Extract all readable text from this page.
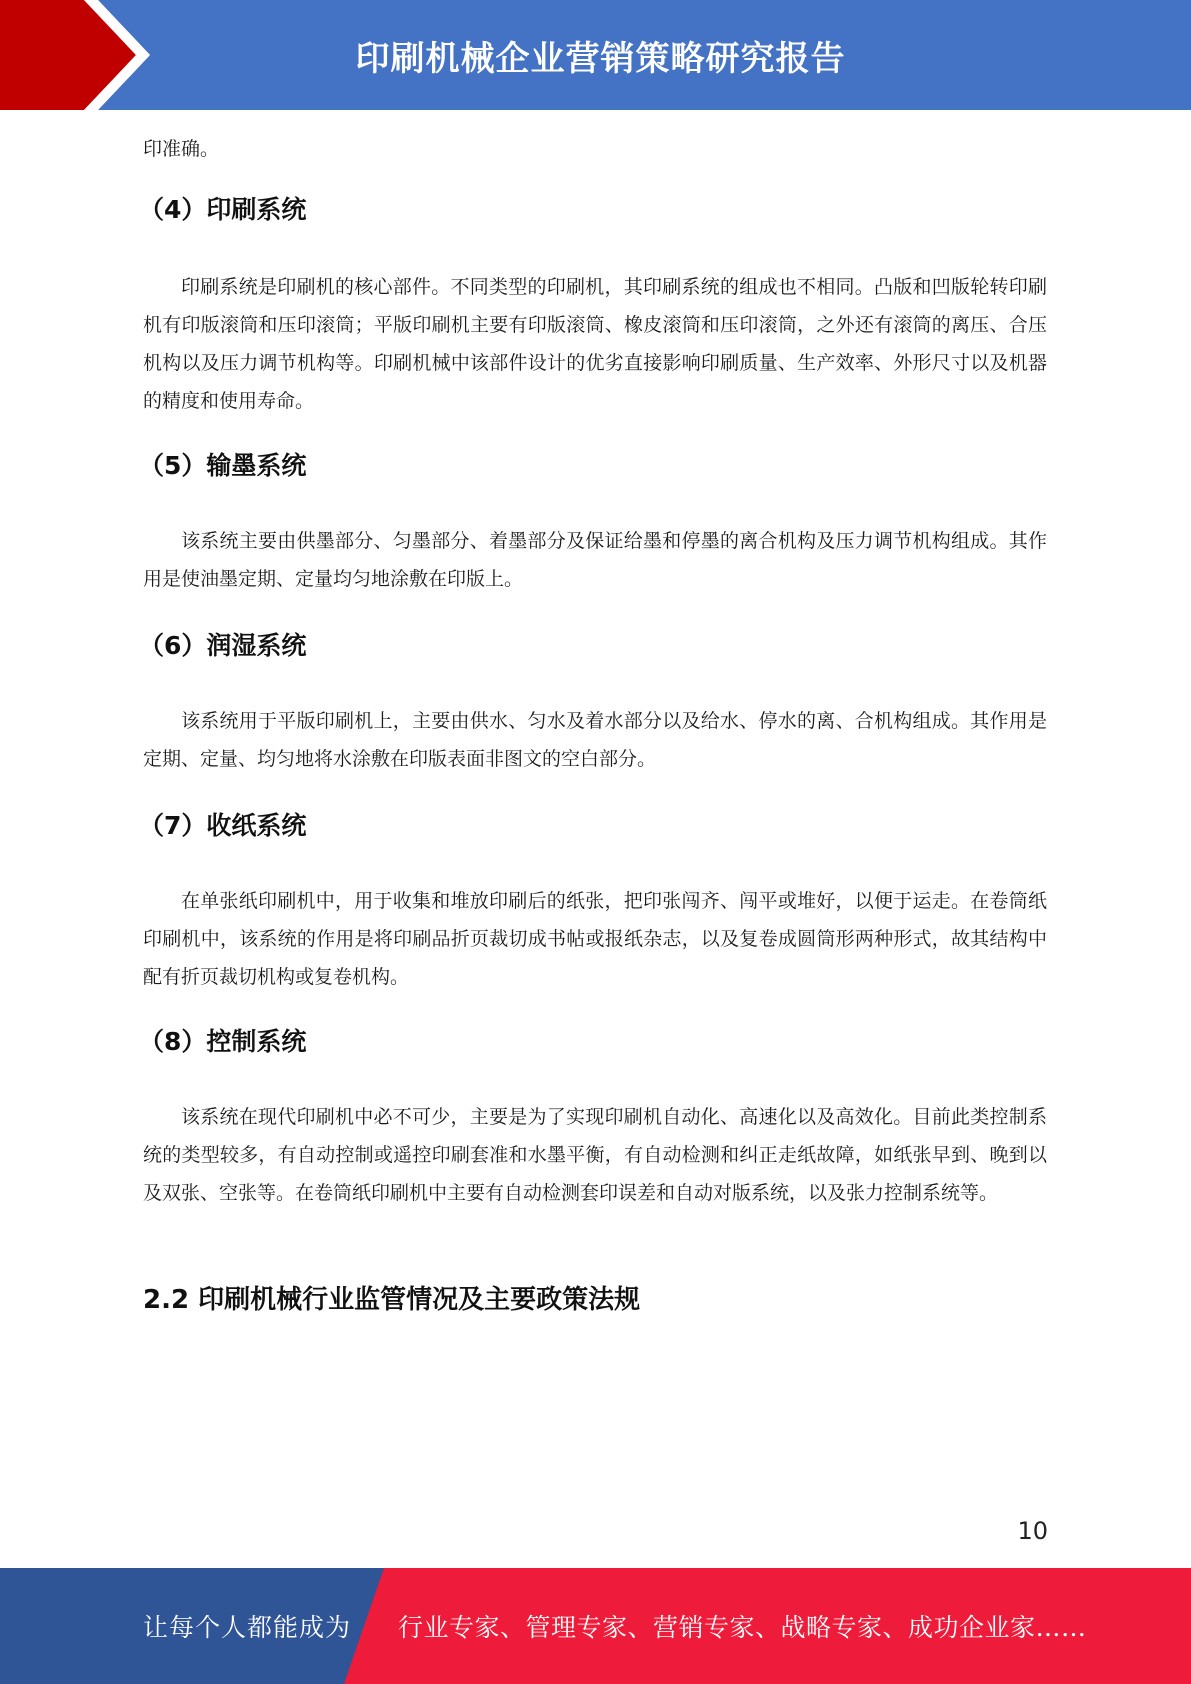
印刷机械企业营销策略研究报告

印准确。

（4）印刷系统

印刷系统是印刷机的核心部件。不同类型的印刷机，其印刷系统的组成也不相同。凸版和凹版轮转印刷机有印版滚筒和压印滚筒；平版印刷机主要有印版滚筒、橡皮滚筒和压印滚筒，之外还有滚筒的离压、合压机构以及压力调节机构等。印刷机械中该部件设计的优劣直接影响印刷质量、生产效率、外形尺寸以及机器的精度和使用寿命。

（5）输墨系统

该系统主要由供墨部分、匀墨部分、着墨部分及保证给墨和停墨的离合机构及压力调节机构组成。其作用是使油墨定期、定量均匀地涂敷在印版上。

（6）润湿系统

该系统用于平版印刷机上，主要由供水、匀水及着水部分以及给水、停水的离、合机构组成。其作用是定期、定量、均匀地将水涂敷在印版表面非图文的空白部分。

（7）收纸系统

在单张纸印刷机中，用于收集和堆放印刷后的纸张，把印张闯齐、闯平或堆好，以便于运走。在卷筒纸印刷机中，该系统的作用是将印刷品折页裁切成书帖或报纸杂志，以及复卷成圆筒形两种形式，故其结构中配有折页裁切机构或复卷机构。

（8）控制系统

该系统在现代印刷机中必不可少，主要是为了实现印刷机自动化、高速化以及高效化。目前此类控制系统的类型较多，有自动控制或遥控印刷套准和水墨平衡，有自动检测和纠正走纸故障，如纸张早到、晚到以及双张、空张等。在卷筒纸印刷机中主要有自动检测套印误差和自动对版系统，以及张力控制系统等。

2.2 印刷机械行业监管情况及主要政策法规
10
让每个人都能成为 行业专家、管理专家、营销专家、战略专家、成功企业家……
